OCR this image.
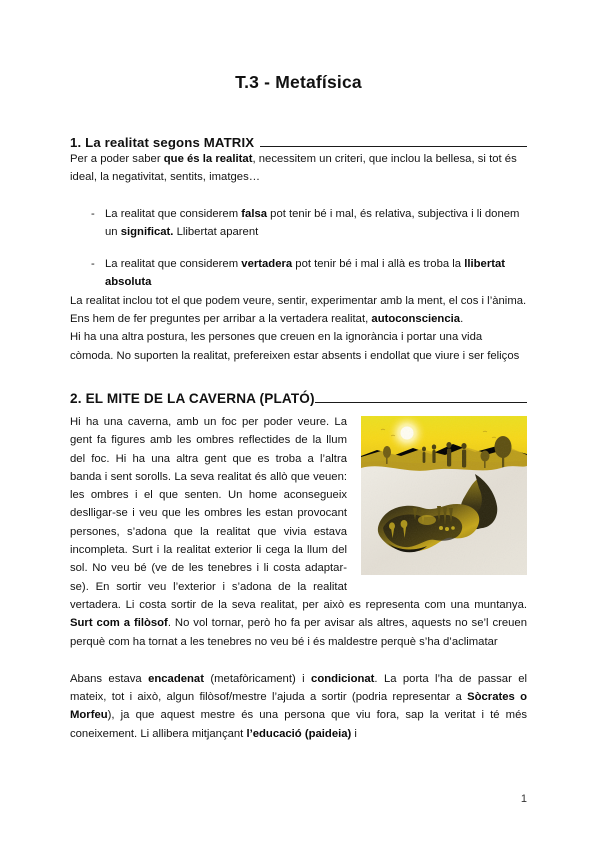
T.3 - Metafísica
1. La realitat segons MATRIX

Per a poder saber que és la realitat, necessitem un criteri, que inclou la bellesa, si tot és ideal, la negativitat, sentits, imatges…

- La realitat que considerem falsa pot tenir bé i mal, és relativa, subjectiva i li donem un significat. Llibertat aparent
- La realitat que considerem vertadera pot tenir bé i mal i allà es troba la llibertat absoluta

La realitat inclou tot el que podem veure, sentir, experimentar amb la ment, el cos i l’ànima. Ens hem de fer preguntes per arribar a la vertadera realitat, autoconsciencia.

Hi ha una altra postura, les persones que creuen en la ignorància i portar una vida còmoda. No suporten la realitat, prefereixen estar absents i endollat que viure i ser feliços

2. EL MITE DE LA CAVERNA (PLATÓ)

Hi ha una caverna, amb un foc per poder veure. La gent fa figures amb les ombres reflectides de la llum del foc. Hi ha una altra gent que es troba a l’altra banda i sent sorolls. La seva realitat és allò que veuen: les ombres i el que senten. Un home aconsegueix deslligar-se i veu que les ombres les estan provocant persones, s’adona que la realitat que vivia estava incompleta. Surt i la realitat exterior li cega la llum del sol. No veu bé (ve de les tenebres i li costa adaptar-se). En sortir veu l’exterior i s’adona de la realitat vertadera. Li costa sortir de la seva realitat, per això es representa com una muntanya. Surt com a filòsof. No vol tornar, però ho fa per avisar als altres, aquests no se’l creuen perquè com ha tornat a les tenebres no veu bé i és maldestre perquè s’ha d’aclimatar

Abans estava encadenat (metafòricament) i condicionat. La porta l’ha de passar el mateix, tot i això, algun filòsof/mestre l’ajuda a sortir (podria representar a Sòcrates o Morfeu), ja que aquest mestre és una persona que viu fora, sap la veritat i té més coneixement. Li allibera mitjançant l’educació (paideia) i

1
